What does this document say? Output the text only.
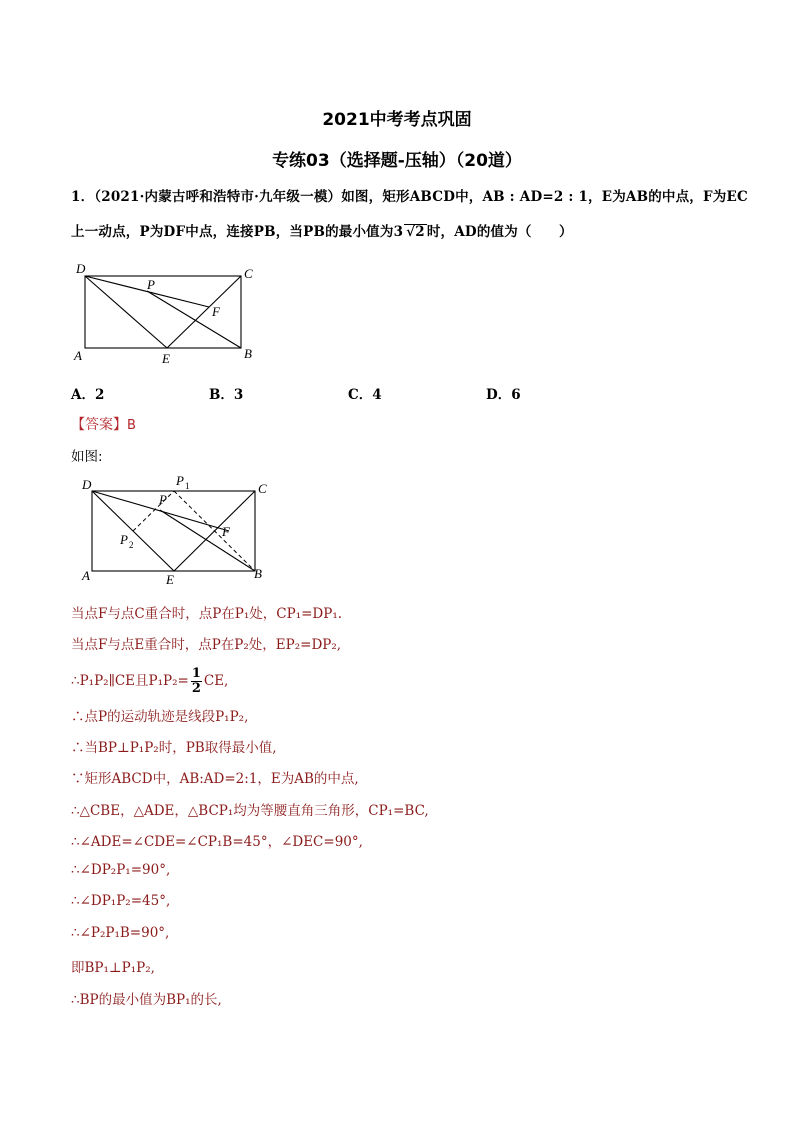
2021中考考点巩固
专练03（选择题-压轴）（20道）
1．（2021·内蒙古呼和浩特市·九年级一模）如图，矩形ABCD中，AB : AD=2 : 1，E为AB的中点，F为EC
上一动点，P为DF中点，连接PB，当PB的最小值为3 √2 时，AD的值为（　　）
D	C
A	B
E
F
P
A．2	B．3	C．4	D．6
【答案】B
如图:
D	C
A	B
E
F
P
P 1
P 2
当点F与点C重合时，点P在P₁处，CP₁=DP₁.
当点F与点E重合时，点P在P₂处，EP₂=DP₂,
∴P₁P₂∥CE且$P_1P_2= \frac{1}{2}$ CE,
∴点P的运动轨迹是线段P₁P₂,
∴当BP⊥P₁P₂时，PB取得最小值,
∵矩形ABCD中，AB:AD=2:1，E为AB的中点,
∴△CBE，△ADE，△BCP₁均为等腰直角三角形，CP₁=BC,
∴∠ADE=∠CDE=∠CP₁B=45°，∠DEC=90°,
∴∠DP₂P₁=90°,
∴∠DP₁P₂=45°,
∴∠P₂P₁B=90°,
即BP₁⊥P₁P₂,
∴BP的最小值为BP₁的长,
